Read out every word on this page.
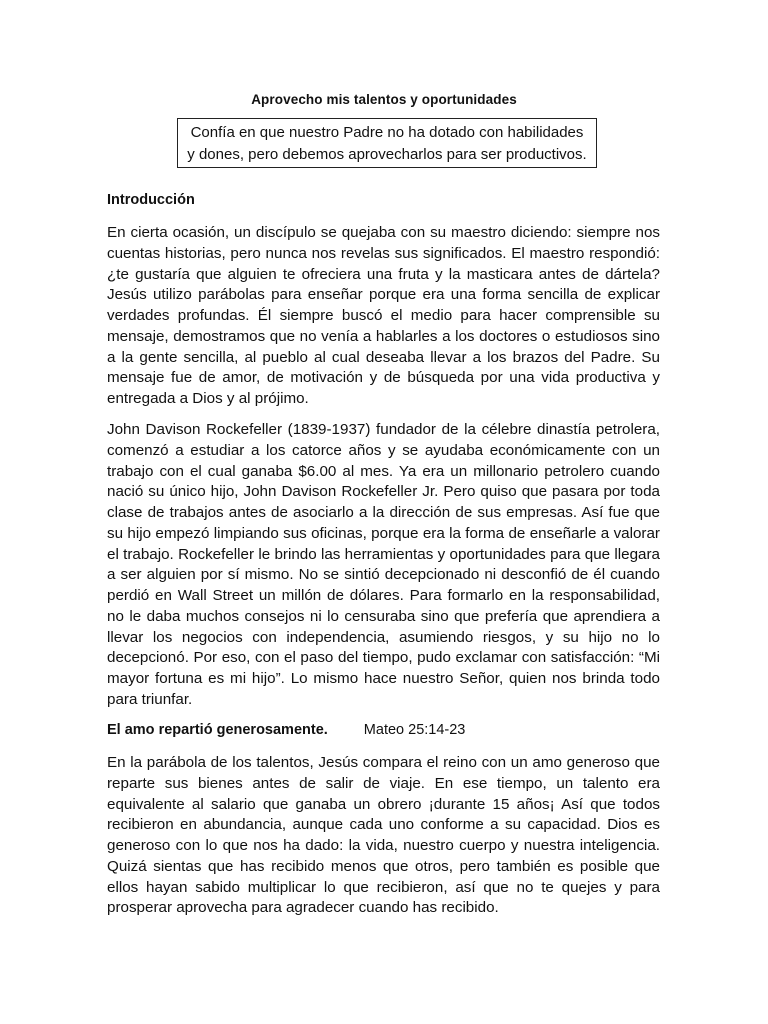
Aprovecho mis talentos y oportunidades
Confía en que nuestro Padre no ha dotado con habilidades
y dones, pero debemos aprovecharlos para ser productivos.
Introducción

En cierta ocasión, un discípulo se quejaba con su maestro diciendo: siempre nos cuentas historias, pero nunca nos revelas sus significados. El maestro respondió: ¿te gustaría que alguien te ofreciera una fruta y la masticara antes de dártela? Jesús utilizo parábolas para enseñar porque era una forma sencilla de explicar verdades profundas. Él siempre buscó el medio para hacer comprensible su mensaje, demostramos que no venía a hablarles a los doctores o estudiosos sino a la gente sencilla, al pueblo al cual deseaba llevar a los brazos del Padre. Su mensaje fue de amor, de motivación y de búsqueda por una vida productiva y entregada a Dios y al prójimo.

John Davison Rockefeller (1839-1937) fundador de la célebre dinastía petrolera, comenzó a estudiar a los catorce años y se ayudaba económicamente con un trabajo con el cual ganaba $6.00 al mes. Ya era un millonario petrolero cuando nació su único hijo, John Davison Rockefeller Jr. Pero quiso que pasara por toda clase de trabajos antes de asociarlo a la dirección de sus empresas. Así fue que su hijo empezó limpiando sus oficinas, porque era la forma de enseñarle a valorar el trabajo. Rockefeller le brindo las herramientas y oportunidades para que llegara a ser alguien por sí mismo. No se sintió decepcionado ni desconfió de él cuando perdió en Wall Street un millón de dólares. Para formarlo en la responsabilidad, no le daba muchos consejos ni lo censuraba sino que prefería que aprendiera a llevar los negocios con independencia, asumiendo riesgos, y su hijo no lo decepcionó. Por eso, con el paso del tiempo, pudo exclamar con satisfacción: “Mi mayor fortuna es mi hijo”. Lo mismo hace nuestro Señor, quien nos brinda todo para triunfar.

El amo repartió generosamente. Mateo 25:14-23

En la parábola de los talentos, Jesús compara el reino con un amo generoso que reparte sus bienes antes de salir de viaje. En ese tiempo, un talento era equivalente al salario que ganaba un obrero ¡durante 15 años¡ Así que todos recibieron en abundancia, aunque cada uno conforme a su capacidad. Dios es generoso con lo que nos ha dado: la vida, nuestro cuerpo y nuestra inteligencia. Quizá sientas que has recibido menos que otros, pero también es posible que ellos hayan sabido multiplicar lo que recibieron, así que no te quejes y para prosperar aprovecha para agradecer cuando has recibido.
